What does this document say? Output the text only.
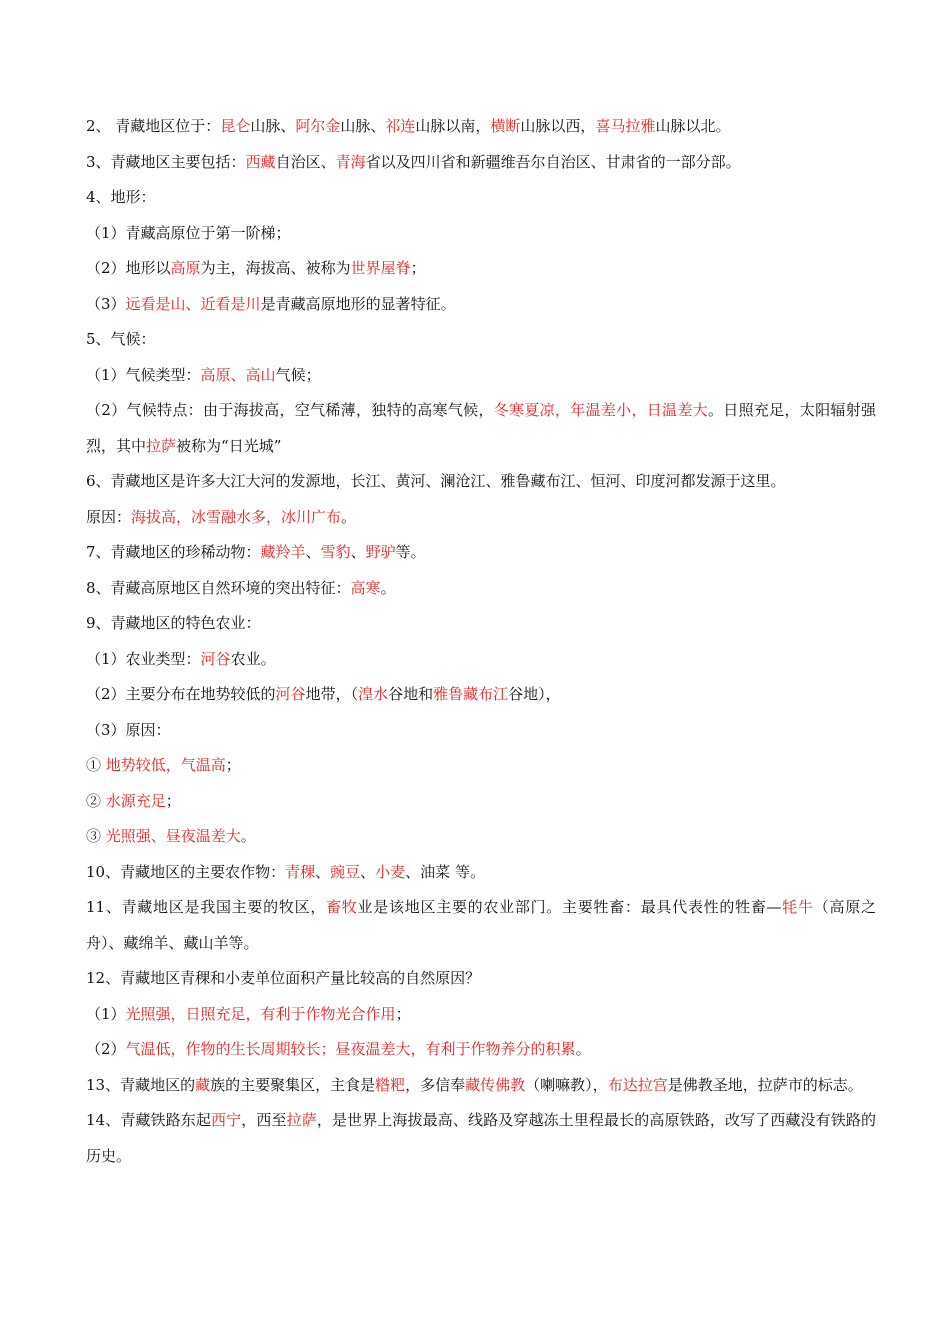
2、 青藏地区位于：昆仑山脉、阿尔金山脉、祁连山脉以南，横断山脉以西，喜马拉雅山脉以北。
3、青藏地区主要包括：西藏自治区、青海省以及四川省和新疆维吾尔自治区、甘肃省的一部分部。
4、地形：
（1）青藏高原位于第一阶梯；
（2）地形以高原为主，海拔高、被称为世界屋脊；
（3）远看是山、近看是川是青藏高原地形的显著特征。
5、气候：
（1）气候类型：高原、高山气候；
（2）气候特点：由于海拔高，空气稀薄，独特的高寒气候，冬寒夏凉，年温差小，日温差大。日照充足，太阳辐射强烈，其中拉萨被称为“日光城”
6、青藏地区是许多大江大河的发源地，长江、黄河、澜沧江、雅鲁藏布江、恒河、印度河都发源于这里。
原因：海拔高，冰雪融水多，冰川广布。
7、青藏地区的珍稀动物：藏羚羊、雪豹、野驴等。
8、青藏高原地区自然环境的突出特征：高寒。
9、青藏地区的特色农业：
（1）农业类型：河谷农业。
（2）主要分布在地势较低的河谷地带，（湟水谷地和雅鲁藏布江谷地），
（3）原因：
① 地势较低，气温高；
② 水源充足；
③ 光照强、昼夜温差大。
10、青藏地区的主要农作物：青稞、豌豆、小麦、油菜 等。
11、青藏地区是我国主要的牧区，畜牧业是该地区主要的农业部门。主要牲畜：最具代表性的牲畜—牦牛（高原之舟）、藏绵羊、藏山羊等。
12、青藏地区青稞和小麦单位面积产量比较高的自然原因？
（1）光照强，日照充足，有利于作物光合作用；
（2）气温低，作物的生长周期较长；昼夜温差大，有利于作物养分的积累。
13、青藏地区的藏族的主要聚集区，主食是糌粑，多信奉藏传佛教（喇嘛教），布达拉宫是佛教圣地，拉萨市的标志。
14、青藏铁路东起西宁，西至拉萨，是世界上海拔最高、线路及穿越冻土里程最长的高原铁路，改写了西藏没有铁路的历史。
